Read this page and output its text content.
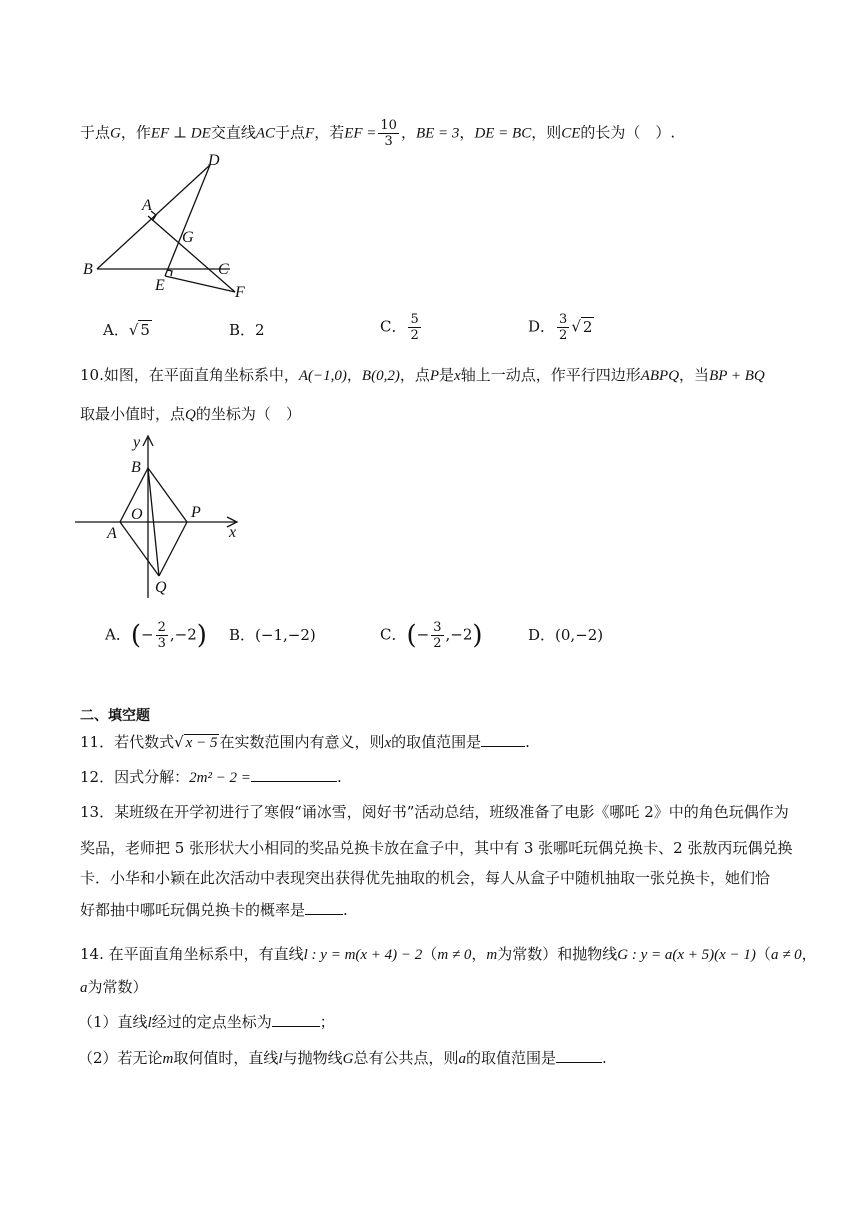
于点G，作EF ⊥ DE交直线AC于点F，若EF = $\frac{10}{3}$ ，BE = 3，DE = BC，则CE的长为（　）.
D
A
G
B	C
E	F
A．√ 5	B．2	C． $\frac{5}{2}$	D． $\frac{3}{2}$ √ 2
10.如图，在平面直角坐标系中，A(−1,0)，B(0,2)，点P是x轴上一动点，作平行四边形ABPQ，当BP + BQ
取最小值时，点Q的坐标为（　）
y
B
O	P
x
A
Q
A．(− $\frac{2}{3} ,-2$) B．(−1,−2)	C．(− $\frac{3}{2} ,-2$)	D．(0,−2)
二、填空题
11．若代数式√ x − 5 在实数范围内有意义，则x的取值范围是	.
12．因式分解：2m² − 2 =	.
13．某班级在开学初进行了寒假“诵冰雪，阅好书”活动总结，班级准备了电影《哪吒 2》中的角色玩偶作为
奖品，老师把 5 张形状大小相同的奖品兑换卡放在盒子中，其中有 3 张哪吒玩偶兑换卡、2 张敖丙玩偶兑换
卡．小华和小颖在此次活动中表现突出获得优先抽取的机会，每人从盒子中随机抽取一张兑换卡，她们恰
好都抽中哪吒玩偶兑换卡的概率是	.
14. 在平面直角坐标系中，有直线l : y = m(x + 4) − 2（m ≠ 0，m为常数）和抛物线G : y = a(x + 5)(x − 1)（a ≠ 0，
a为常数）
（1）直线l经过的定点坐标为	；
（2）若无论m取何值时，直线l与抛物线G总有公共点，则a的取值范围是	.
